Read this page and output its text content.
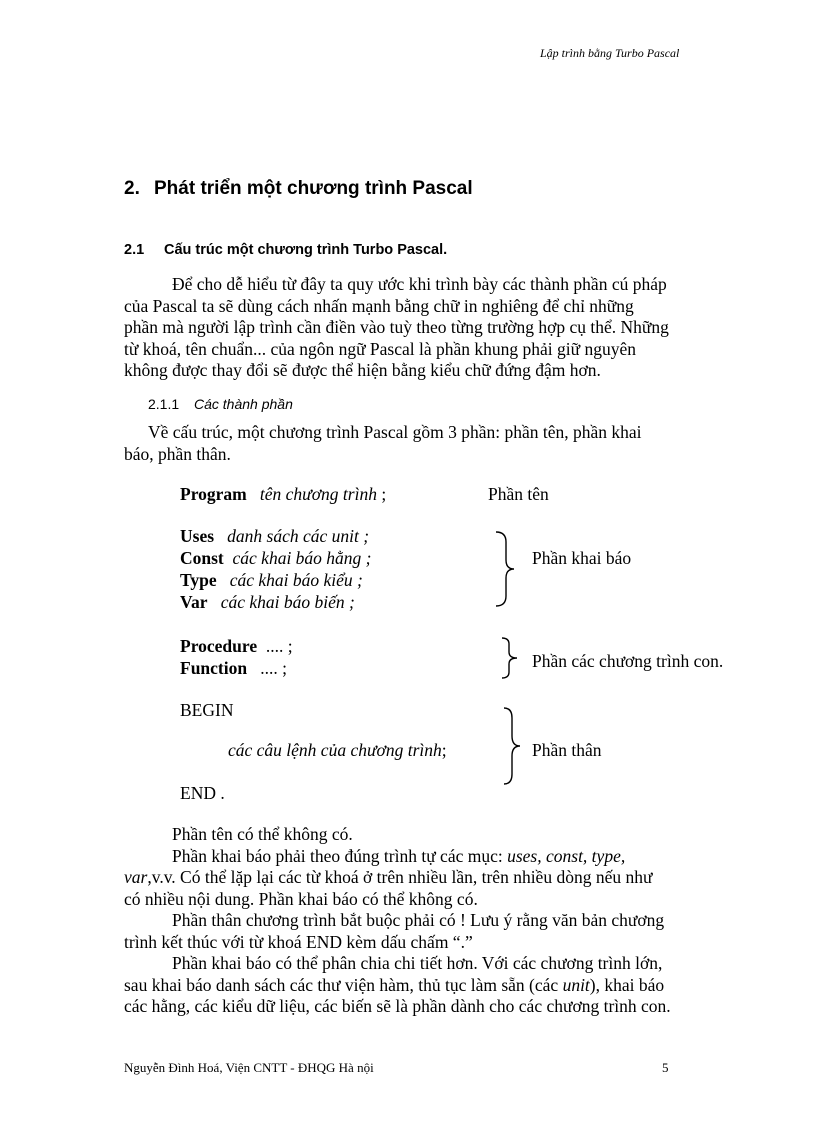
Lập trình bằng Turbo Pascal
2. Phát triển một chương trình Pascal
2.1 Cấu trúc một chương trình Turbo Pascal.

Để cho dễ hiểu từ đây ta quy ước khi trình bày các thành phần cú pháp

của Pascal ta sẽ dùng cách nhấn mạnh bằng chữ in nghiêng để chỉ những

phần mà người lập trình cần điền vào tuỳ theo từng trường hợp cụ thể. Những

từ khoá, tên chuẩn... của ngôn ngữ Pascal là phần khung phải giữ nguyên

không được thay đổi sẽ được thể hiện bằng kiểu chữ đứng đậm hơn.

2.1.1 Các thành phần

Về cấu trúc, một chương trình Pascal gồm 3 phần: phần tên, phần khai

báo, phần thân.

Program tên chương trình ;	Phần tên
Uses danh sách các unit ;
Const các khai báo hằng ;
Type các khai báo kiểu ;
Var các khai báo biến ;
Phần khai báo
Procedure .... ;
Function .... ;	Phần các chương trình con.
BEGIN
các câu lệnh của chương trình;	Phần thân
END .

Phần tên có thể không có.

Phần khai báo phải theo đúng trình tự các mục: uses, const, type,

var,v.v. Có thể lặp lại các từ khoá ở trên nhiều lần, trên nhiều dòng nếu như

có nhiều nội dung. Phần khai báo có thể không có.

Phần thân chương trình bắt buộc phải có ! Lưu ý rằng văn bản chương

trình kết thúc với từ khoá END kèm dấu chấm “.”

Phần khai báo có thể phân chia chi tiết hơn. Với các chương trình lớn,

sau khai báo danh sách các thư viện hàm, thủ tục làm sẵn (các unit), khai báo

các hằng, các kiểu dữ liệu, các biến sẽ là phần dành cho các chương trình con.

Nguyễn Đình Hoá, Viện CNTT - ĐHQG Hà nội	5
